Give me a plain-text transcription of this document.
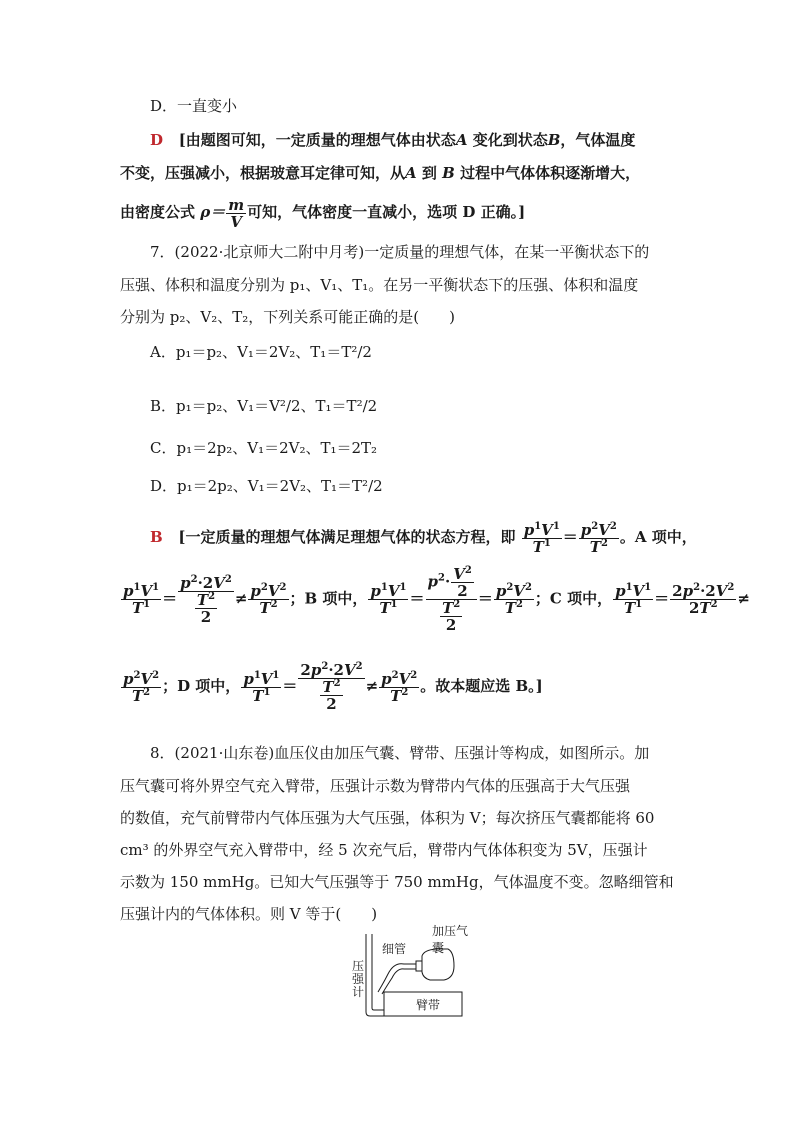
D．一直变小
D [由题图可知，一定质量的理想气体由状态A 变化到状态B，气体温度
不变，压强减小，根据玻意耳定律可知，从A 到 B 过程中气体体积逐渐增大，
由密度公式 $\rho= \frac{m}{V}$ 可知，气体密度一直减小，选项 D 正确。]
7．(2022·北京师大二附中月考)一定质量的理想气体，在某一平衡状态下的
压强、体积和温度分别为 p₁、V₁、T₁。在另一平衡状态下的压强、体积和温度
分别为 p₂、V₂、T₂，下列关系可能正确的是(　　)
A．p₁＝p₂、V₁＝2V₂、T₁＝T²/2
B．p₁＝p₂、V₁＝V²/2、T₁＝T²/2
C．p₁＝2p₂、V₁＝2V₂、T₁＝2T₂
D．p₁＝2p₂、V₁＝2V₂、T₁＝T²/2
B [一定质量的理想气体满足理想气体的状态方程，即 $\frac{p^1V^1}{T^1} = \frac{p^2V^2}{T^2}$ 。A 项中，
$\frac{p^1V^1}{T^1} = \frac{p^2\cdot 2V^2}{\frac{T^2}{2}} \ne \frac{p^2V^2}{T^2}$ ；B 项中， $\frac{p^1V^1}{T^1} = \frac{p^2\cdot \frac{V^2}{2}}{\frac{T^2}{2}} = \frac{p^2V^2}{T^2}$ ；C 项中， $\frac{p^1V^1}{T^1} = \frac{2p^2\cdot 2V^2}{2T^2}$ ≠
$\frac{p^2V^2}{T^2}$ ；D 项中， $\frac{p^1V^1}{T^1} = \frac{2p^2\cdot 2V^2}{\frac{T^2}{2}} \ne \frac{p^2V^2}{T^2}$ 。故本题应选 B。]
8．(2021·山东卷)血压仪由加压气囊、臂带、压强计等构成，如图所示。加
压气囊可将外界空气充入臂带，压强计示数为臂带内气体的压强高于大气压强
的数值，充气前臂带内气体压强为大气压强，体积为 V；每次挤压气囊都能将 60
cm³ 的外界空气充入臂带中，经 5 次充气后，臂带内气体体积变为 5V，压强计
示数为 150 mmHg。已知大气压强等于 750 mmHg，气体温度不变。忽略细管和
压强计内的气体体积。则 V 等于(　　)
加压气囊
细管
压强计
臂带
